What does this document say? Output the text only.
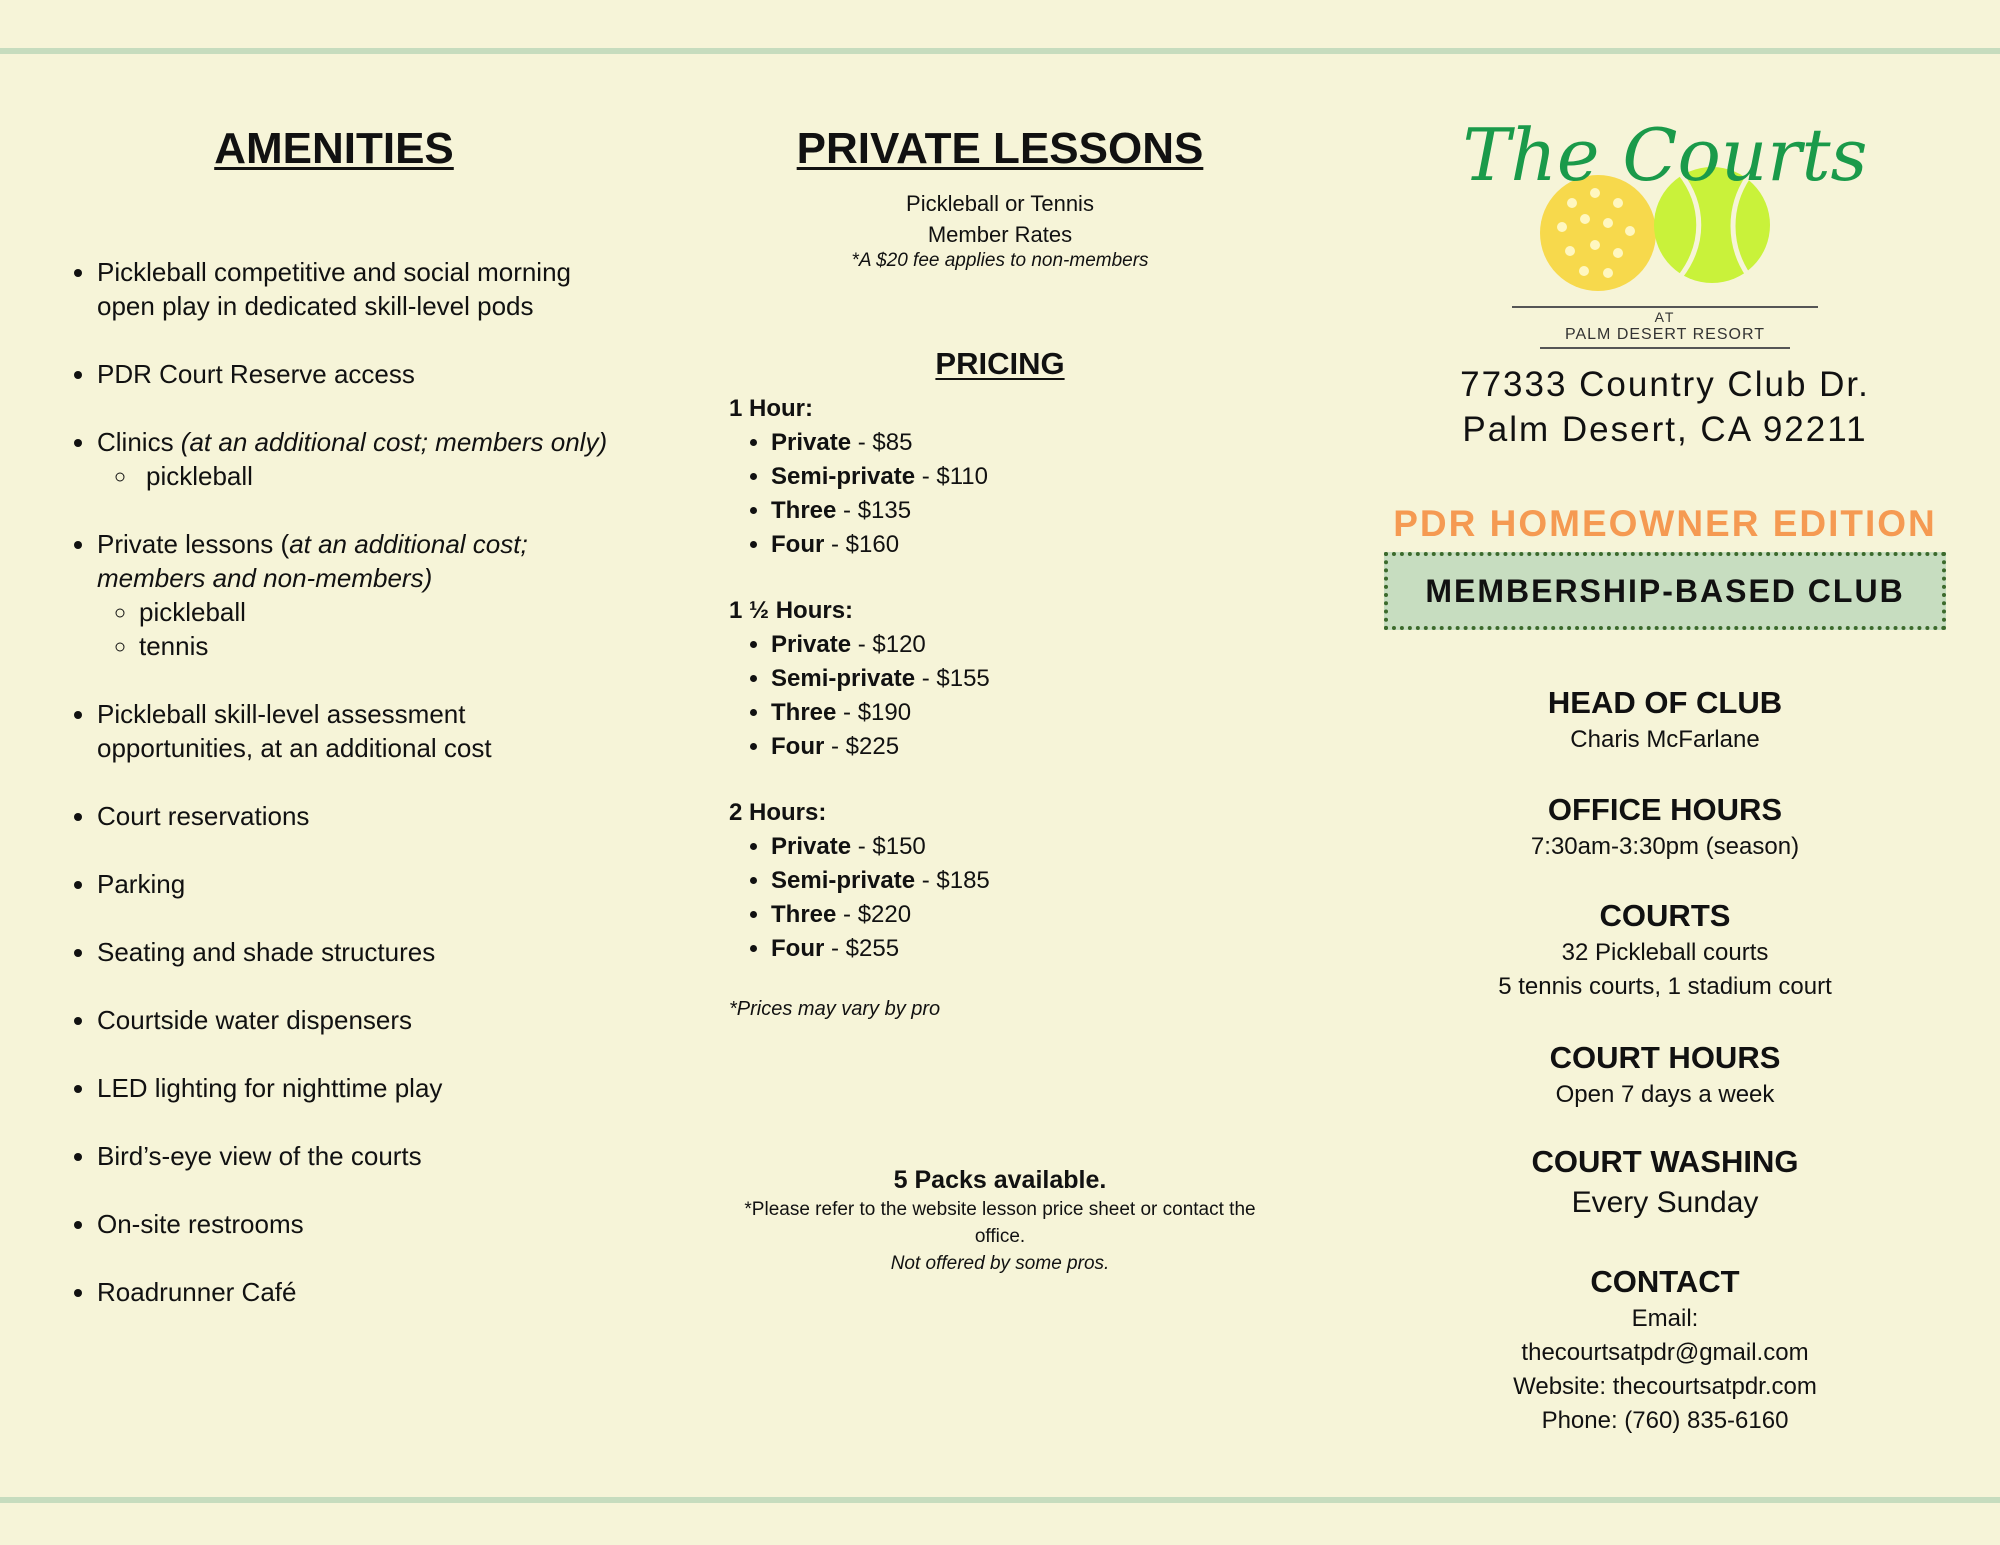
AMENITIES
• Pickleball competitive and social morning open play in dedicated skill-level pods
• PDR Court Reserve access
• Clinics (at an additional cost; members only)
◦ pickleball
• Private lessons (at an additional cost; members and non-members)
◦ pickleball
◦ tennis
• Pickleball skill-level assessment opportunities, at an additional cost
• Court reservations
• Parking
• Seating and shade structures
• Courtside water dispensers
• LED lighting for nighttime play
• Bird’s-eye view of the courts
• On-site restrooms
• Roadrunner Café
PRIVATE LESSONS
Pickleball or Tennis
Member Rates
*A $20 fee applies to non-members
PRICING
1 Hour:
• Private - $85
• Semi-private - $110
• Three - $135
• Four - $160
1 ½ Hours:
• Private - $120
• Semi-private - $155
• Three - $190
• Four - $225
2 Hours:
• Private - $150
• Semi-private - $185
• Three - $220
• Four - $255
*Prices may vary by pro
5 Packs available.
*Please refer to the website lesson price sheet or contact the office.
Not offered by some pros.
The Courts
AT
PALM DESERT RESORT
77333 Country Club Dr.
Palm Desert, CA 92211
PDR HOMEOWNER EDITION
MEMBERSHIP-BASED CLUB
HEAD OF CLUB
Charis McFarlane
OFFICE HOURS
7:30am-3:30pm (season)
COURTS
32 Pickleball courts
5 tennis courts, 1 stadium court
COURT HOURS
Open 7 days a week
COURT WASHING
Every Sunday
CONTACT
Email:
thecourtsatpdr@gmail.com
Website: thecourtsatpdr.com
Phone: (760) 835-6160
